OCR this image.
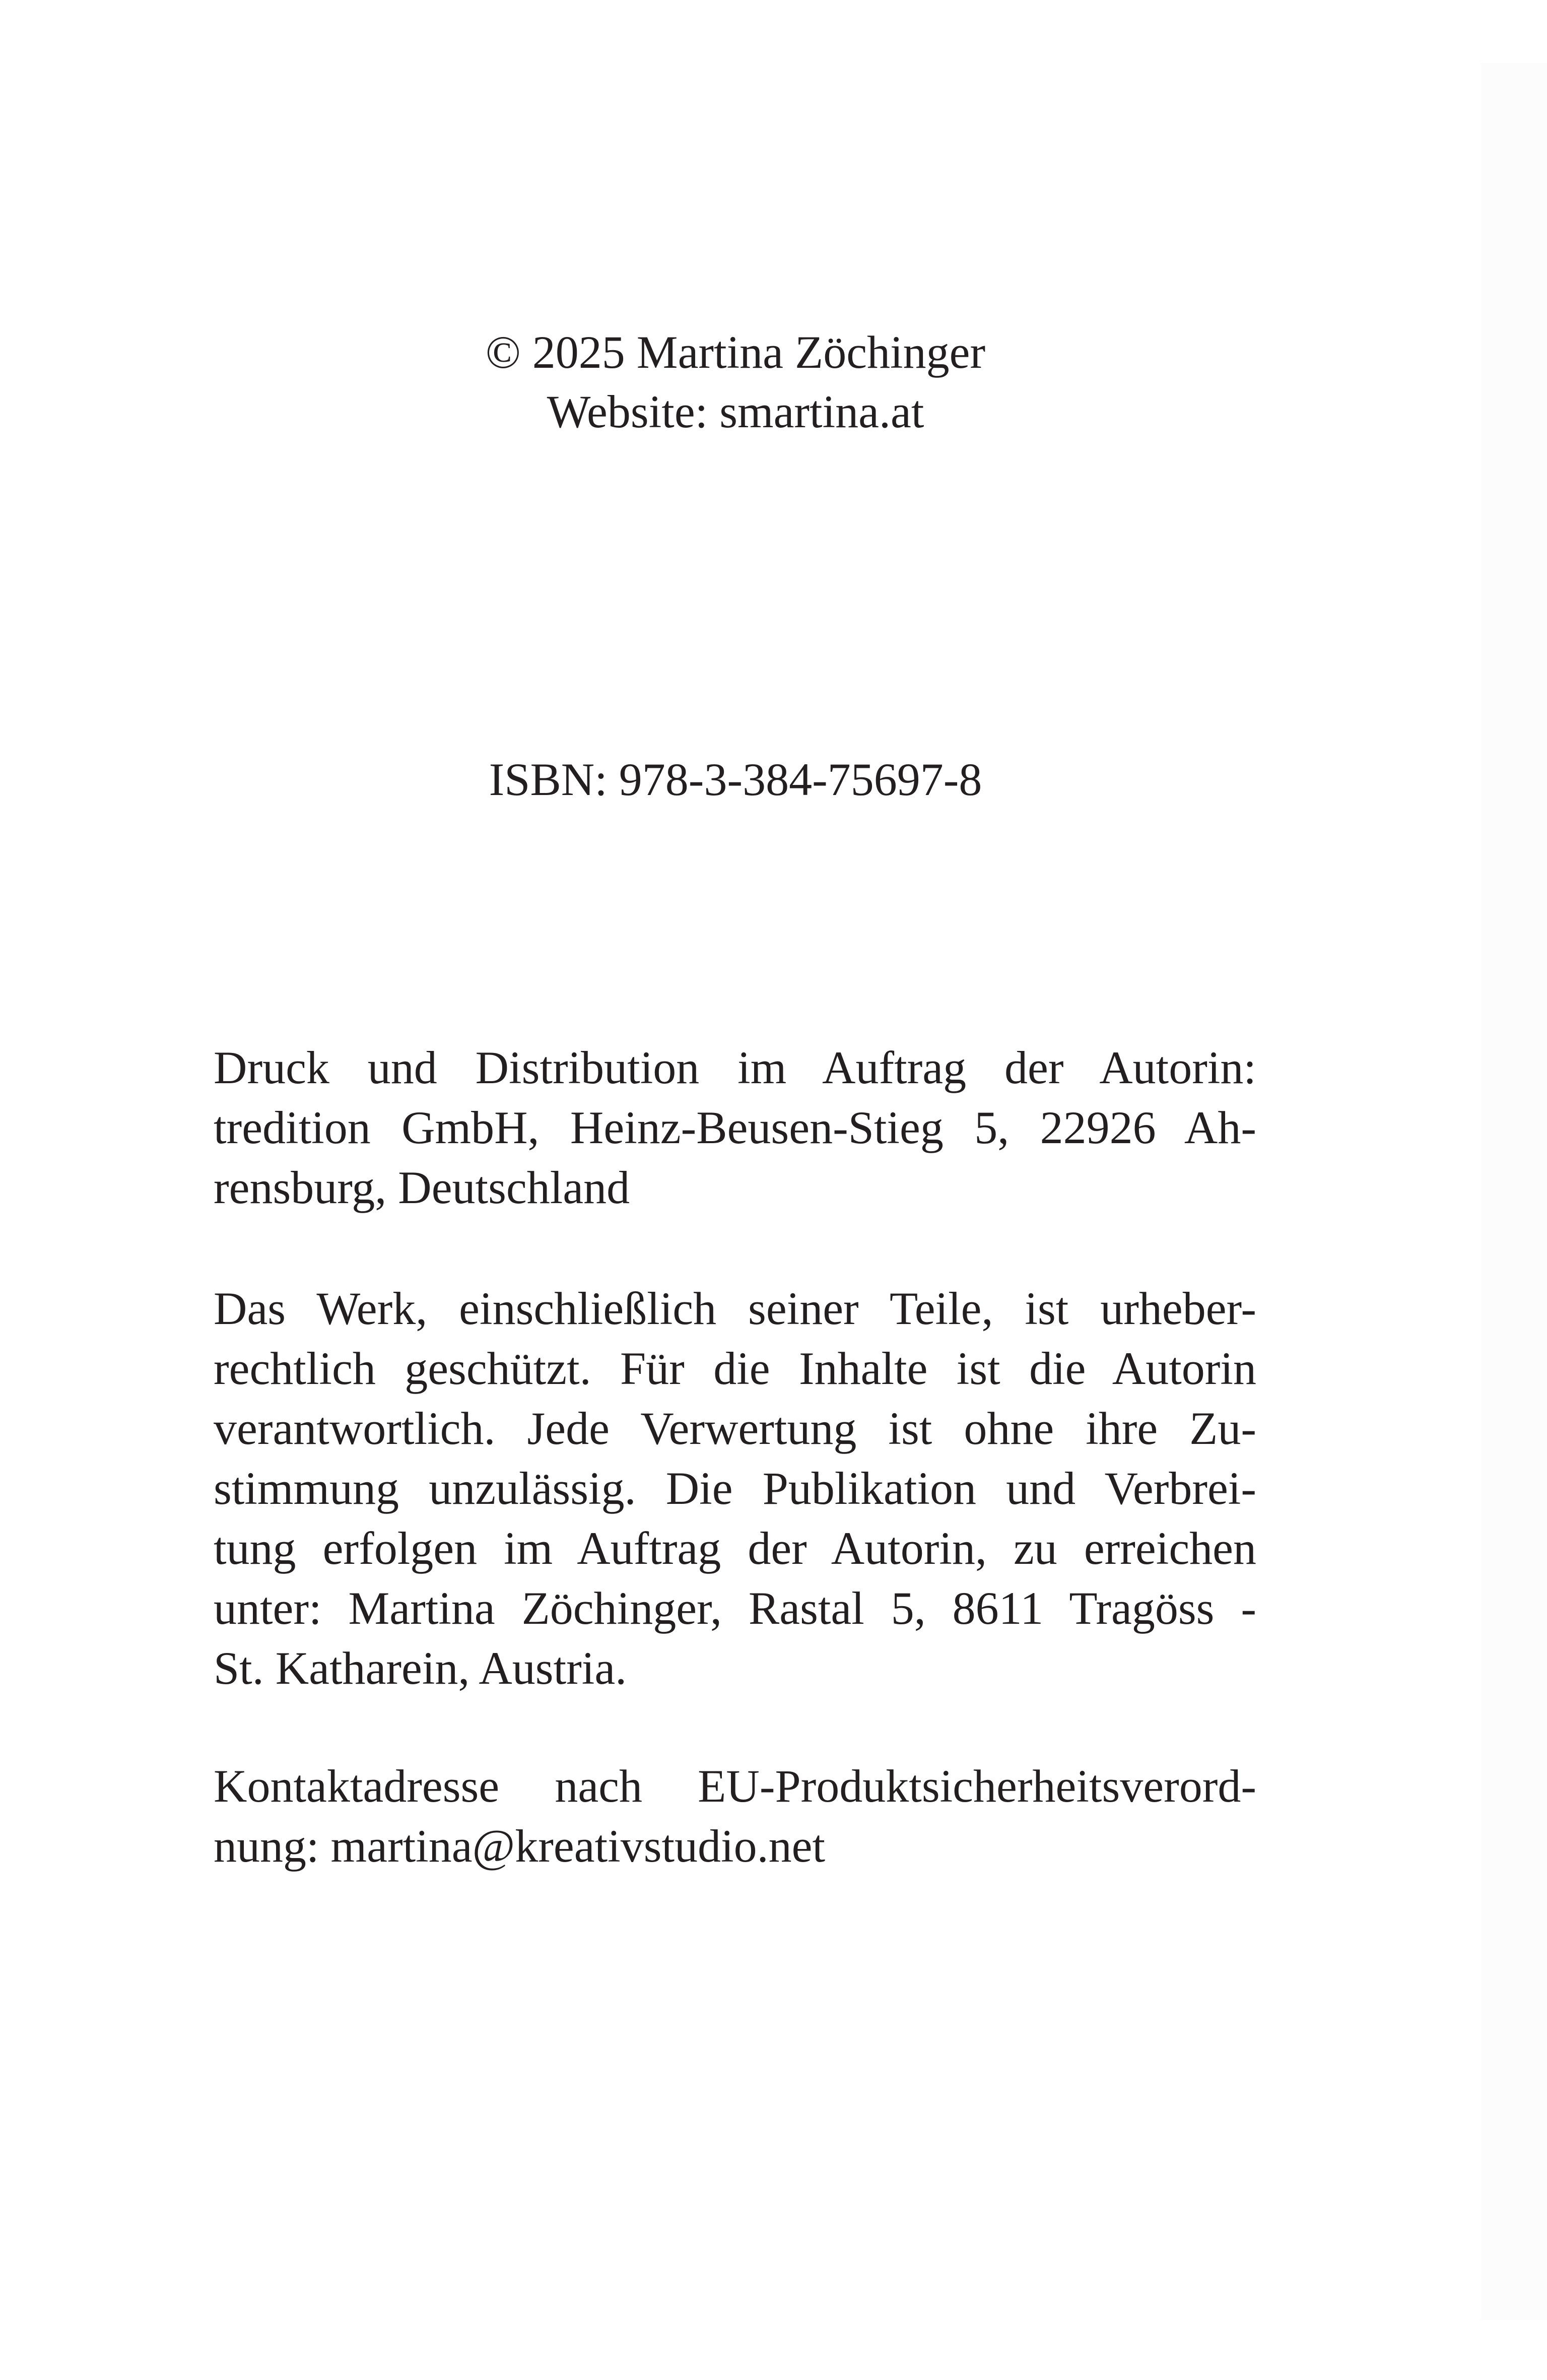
© 2025 Martina Zöchinger
Website: smartina.at
ISBN: 978-3-384-75697-8
Druck und Distribution im Auftrag der Autorin:
tredition GmbH, Heinz-Beusen-Stieg 5, 22926 Ah-
rensburg, Deutschland
Das Werk, einschließlich seiner Teile, ist urheber-
rechtlich geschützt. Für die Inhalte ist die Autorin
verantwortlich. Jede Verwertung ist ohne ihre Zu-
stimmung unzulässig. Die Publikation und Verbrei-
tung erfolgen im Auftrag der Autorin, zu erreichen
unter: Martina Zöchinger, Rastal 5, 8611 Tragöss -
St. Katharein, Austria.
Kontaktadresse nach EU-Produktsicherheitsverord-
nung: martina@kreativstudio.net
